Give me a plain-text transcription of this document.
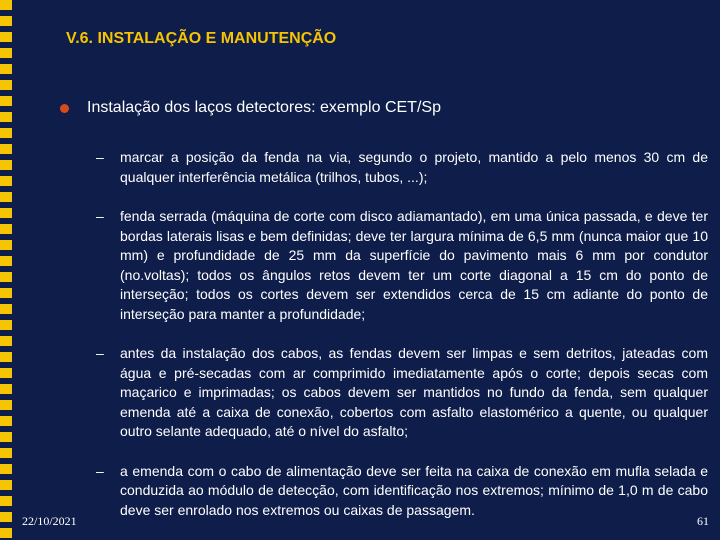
V.6. INSTALAÇÃO E MANUTENÇÃO
Instalação dos laços detectores: exemplo CET/Sp
–	marcar a posição da fenda na via, segundo o projeto, mantido a pelo menos 30 cm de qualquer interferência metálica (trilhos, tubos, ...);
–	fenda serrada (máquina de corte com disco adiamantado), em uma única passada, e deve ter bordas laterais lisas e bem definidas; deve ter largura mínima de 6,5 mm (nunca maior que 10 mm) e profundidade de 25 mm da superfície do pavimento mais 6 mm por condutor (no.voltas); todos os ângulos retos devem ter um corte diagonal a 15 cm do ponto de interseção; todos os cortes devem ser extendidos cerca de 15 cm adiante do ponto de interseção para manter a profundidade;
–	antes da instalação dos cabos, as fendas devem ser limpas e sem detritos, jateadas com água e pré-secadas com ar comprimido imediatamente após o corte; depois secas com maçarico e imprimadas; os cabos devem ser mantidos no fundo da fenda, sem qualquer emenda até a caixa de conexão, cobertos com asfalto elastomérico a quente, ou qualquer outro selante adequado, até o nível do asfalto;
–	a emenda com o cabo de alimentação deve ser feita na caixa de conexão em mufla selada e conduzida ao módulo de detecção, com identificação nos extremos; mínimo de 1,0 m de cabo deve ser enrolado nos extremos ou caixas de passagem.
22/10/2021	61
